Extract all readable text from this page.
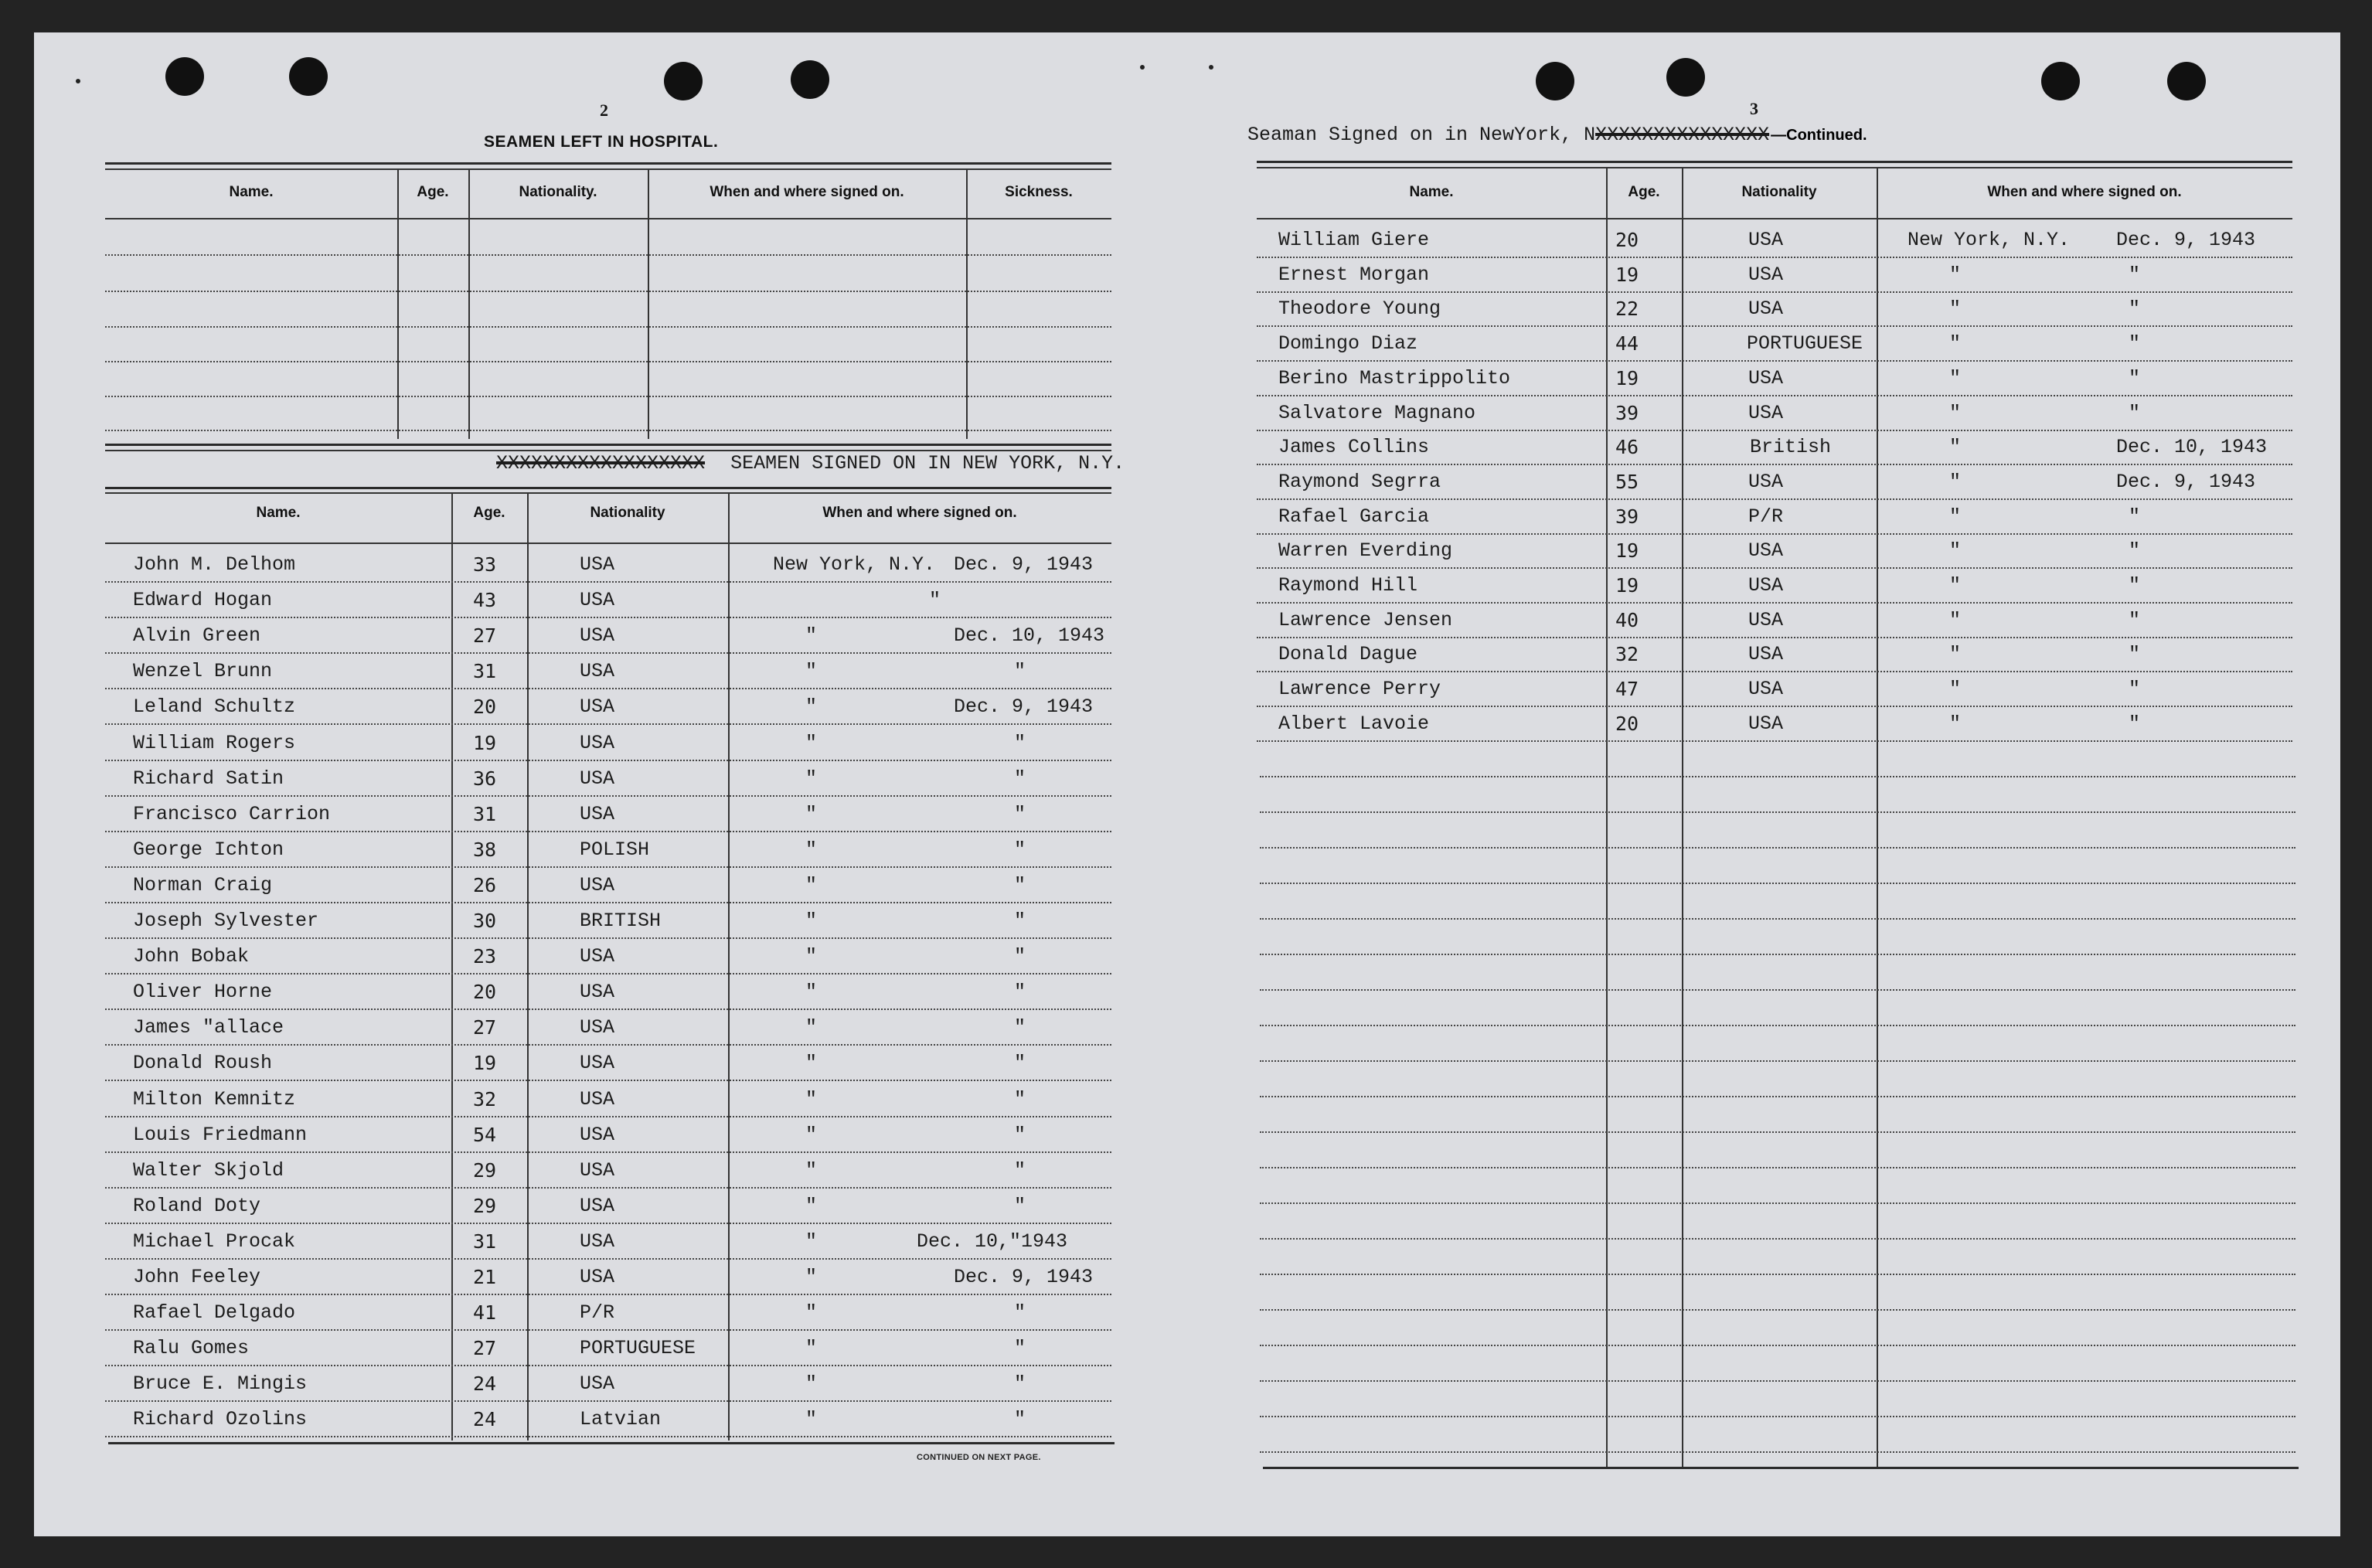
2
SEAMEN LEFT IN HOSPITAL.
Name.	Age.	Nationality.	When and where signed on.	Sickness.
XXXXXXXXXXXXXXXXXX SEAMEN SIGNED ON IN NEW YORK, N.Y.
Name.	Age.	Nationality	When and where signed on.
John M. Delhom	33	USA	New York, N.Y. Dec. 9, 1943
Edward Hogan	43	USA	"
Alvin Green	27	USA	"	Dec. 10, 1943
Wenzel Brunn	31	USA	"	"
Leland Schultz	20	USA	"	Dec. 9, 1943
William Rogers	19	USA	"	"
Richard Satin	36	USA	"	"
Francisco Carrion	31	USA	"	"
George Ichton	38	POLISH	"	"
Norman Craig	26	USA	"	"
Joseph Sylvester	30	BRITISH	"	"
John Bobak	23	USA	"	"
Oliver Horne	20	USA	"	"
James "allace	27	USA	"	"
Donald Roush	19	USA	"	"
Milton Kemnitz	32	USA	"	"
Louis Friedmann	54	USA	"	"
Walter Skjold	29	USA	"	"
Roland Doty	29	USA	"	"
Michael Procak	31	USA	"	Dec. 10,"1943
John Feeley	21	USA	"	Dec. 9, 1943
Rafael Delgado	41	P/R	"	"
Ralu Gomes	27	PORTUGUESE	"	"
Bruce E. Mingis	24	USA	"	"
Richard Ozolins	24	Latvian	"	"
CONTINUED ON NEXT PAGE.
3
Seaman Signed on in NewYork, NXXXXXXXXXXXXXXX —Continued.
Name.	Age.	Nationality	When and where signed on.
William Giere	20	USA	New York, N.Y. Dec. 9, 1943
Ernest Morgan	19	USA	"	"
Theodore Young	22	USA	"	"
Domingo Diaz	44	PORTUGUESE	"	"
Berino Mastrippolito	19	USA	"	"
Salvatore Magnano	39	USA	"	"
James Collins	46	British	"	Dec. 10, 1943
Raymond Segrra	55	USA	"	Dec. 9, 1943
Rafael Garcia	39	P/R	"	"
Warren Everding	19	USA	"	"
Raymond Hill	19	USA	"	"
Lawrence Jensen	40	USA	"	"
Donald Dague	32	USA	"	"
Lawrence Perry	47	USA	"	"
Albert Lavoie	20	USA	"	"
